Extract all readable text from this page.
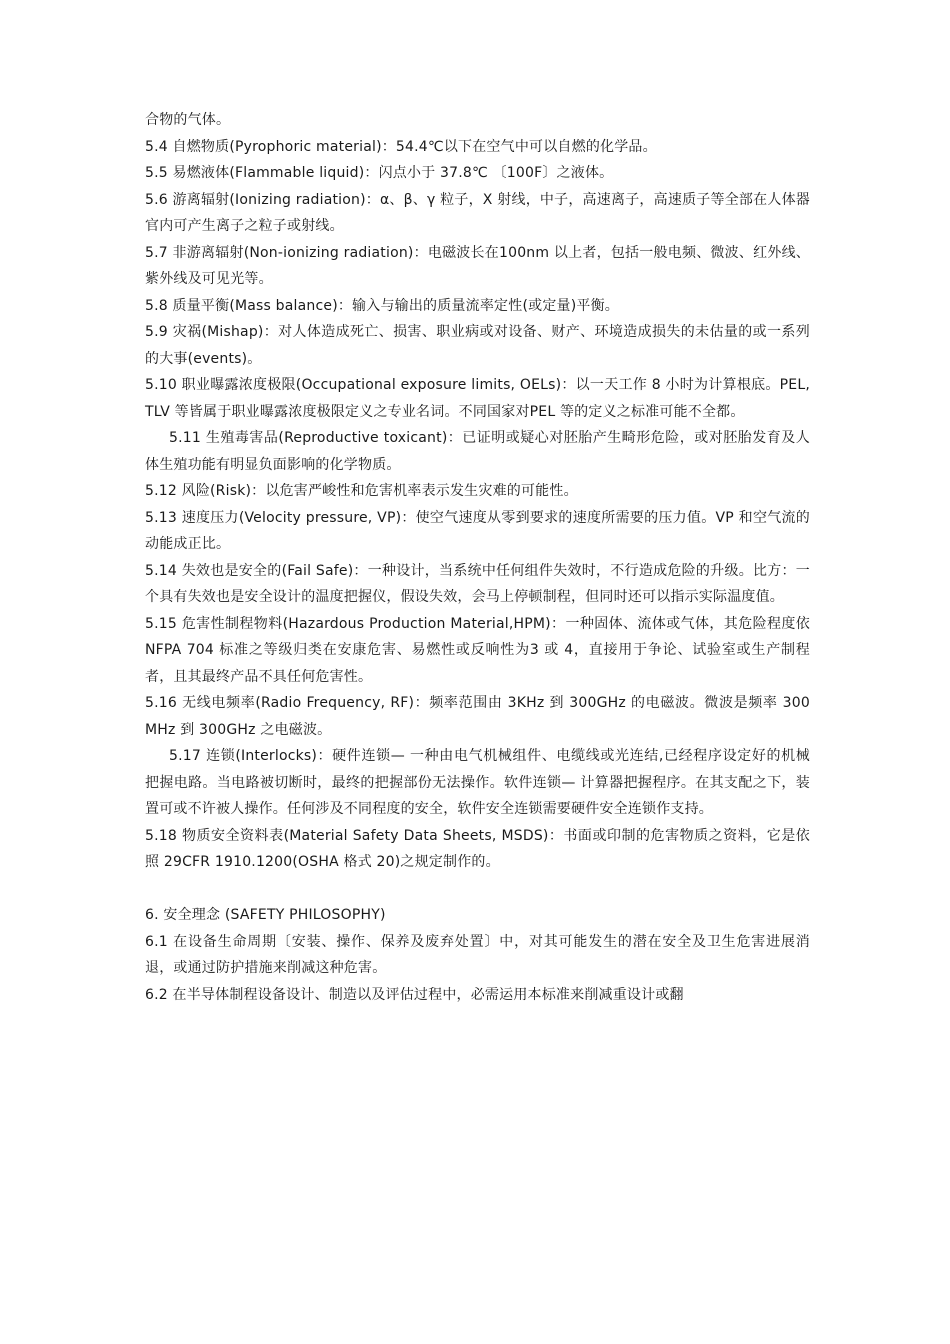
合物的气体。

5.4 自燃物质(Pyrophoric material)：54.4℃以下在空气中可以自燃的化学品。

5.5 易燃液体(Flammable liquid)：闪点小于 37.8℃ 〔100F〕之液体。

5.6 游离辐射(Ionizing radiation)：α、β、γ 粒子，X 射线，中子，高速离子，高速质子等全部在人体器官内可产生离子之粒子或射线。

5.7 非游离辐射(Non-ionizing radiation)：电磁波长在100nm 以上者，包括一般电频、微波、红外线、紫外线及可见光等。

5.8 质量平衡(Mass balance)：输入与输出的质量流率定性(或定量)平衡。

5.9 灾祸(Mishap)：对人体造成死亡、损害、职业病或对设备、财产、环境造成损失的未估量的或一系列的大事(events)。

5.10 职业曝露浓度极限(Occupational exposure limits, OELs)：以一天工作 8 小时为计算根底。PEL, TLV 等皆属于职业曝露浓度极限定义之专业名词。不同国家对PEL 等的定义之标准可能不全都。

5.11 生殖毒害品(Reproductive toxicant)：已证明或疑心对胚胎产生畸形危险，或对胚胎发育及人 体生殖功能有明显负面影响的化学物质。

5.12 风险(Risk)：以危害严峻性和危害机率表示发生灾难的可能性。

5.13 速度压力(Velocity pressure, VP)：使空气速度从零到要求的速度所需要的压力值。VP 和空气流的动能成正比。

5.14 失效也是安全的(Fail Safe)：一种设计，当系统中任何组件失效时，不行造成危险的升级。比方：一个具有失效也是安全设计的温度把握仪，假设失效，会马上停顿制程，但同时还可以指示实际温度值。

5.15 危害性制程物料(Hazardous Production Material,HPM)：一种固体、流体或气体，其危险程度依NFPA 704 标准之等级归类在安康危害、易燃性或反响性为3 或 4，直接用于争论、试验室或生产制程者，且其最终产品不具任何危害性。

5.16 无线电频率(Radio Frequency, RF)：频率范围由 3KHz 到 300GHz 的电磁波。微波是频率 300 MHz 到 300GHz 之电磁波。

5.17 连锁(Interlocks)：硬件连锁— 一种由电气机械组件、电缆线或光连结,已经程序设定好的机械 把握电路。当电路被切断时，最终的把握部份无法操作。软件连锁— 计算器把握程序。在其支配之下，装置可或不许被人操作。任何涉及不同程度的安全，软件安全连锁需要硬件安全连锁作支持。

5.18 物质安全资料表(Material Safety Data Sheets, MSDS)：书面或印制的危害物质之资料，它是依 照 29CFR 1910.1200(OSHA 格式 20)之规定制作的。

6. 安全理念 (SAFETY PHILOSOPHY)

6.1 在设备生命周期〔安装、操作、保养及废弃处置〕中，对其可能发生的潜在安全及卫生危害进展消退，或通过防护措施来削减这种危害。

6.2 在半导体制程设备设计、制造以及评估过程中，必需运用本标准来削减重设计或翻
